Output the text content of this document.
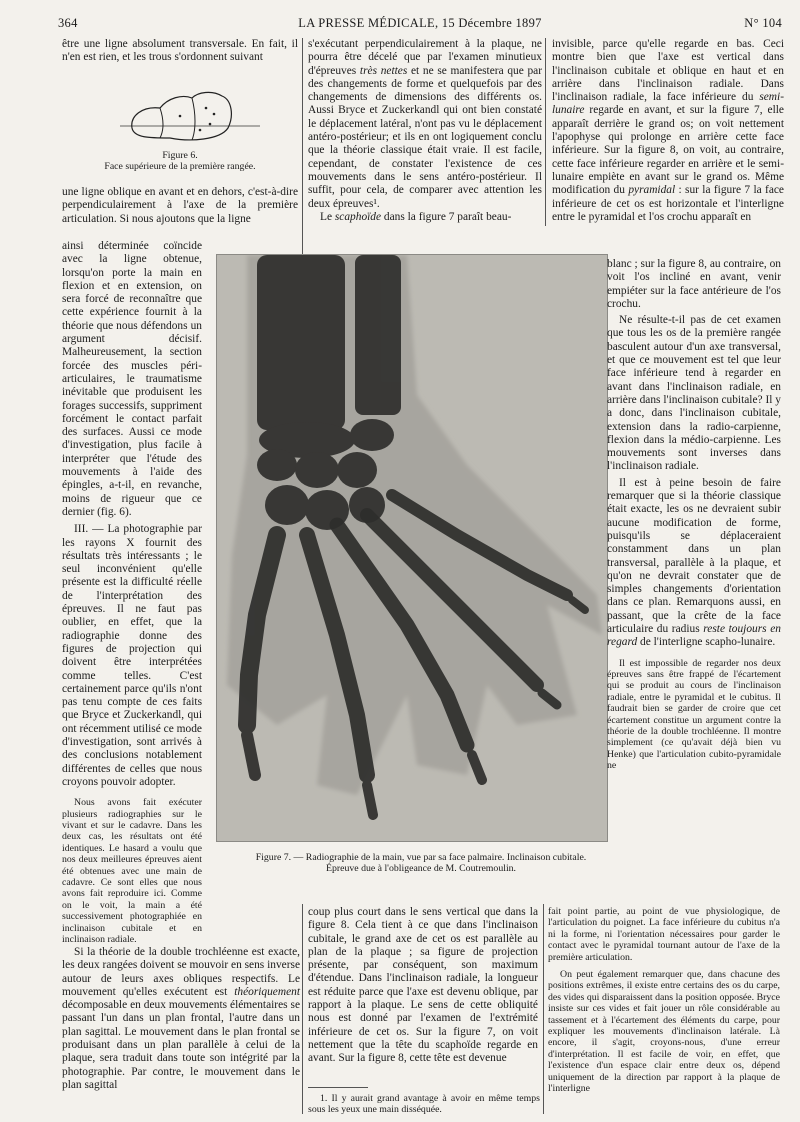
364	LA PRESSE MÉDICALE, 15 Décembre 1897	N° 104

être une ligne absolument transversale. En fait, il n'en est rien, et les trous s'ordonnent suivant

Figure 6.
Face supérieure de la première rangée.

une ligne oblique en avant et en dehors, c'est-à-dire perpendiculairement à l'axe de la première articulation. Si nous ajoutons que la ligne

ainsi déterminée coïncide avec la ligne obtenue, lorsqu'on porte la main en flexion et en extension, on sera forcé de reconnaître que cette expérience fournit à la théorie que nous défendons un argument décisif. Malheureusement, la section forcée des muscles péri-articulaires, le traumatisme inévitable que produisent les forages successifs, suppriment forcément le contact parfait des surfaces. Aussi ce mode d'investigation, plus facile à interpréter que l'étude des mouvements à l'aide des épingles, a-t-il, en revanche, moins de rigueur que ce dernier (fig. 6).

III. — La photographie par les rayons X fournit des résultats très intéressants ; le seul inconvénient qu'elle présente est la difficulté réelle de l'interprétation des épreuves. Il ne faut pas oublier, en effet, que la radiographie donne des figures de projection qui doivent être interprétées comme telles. C'est certainement parce qu'ils n'ont pas tenu compte de ces faits que Bryce et Zuckerkandl, qui ont récemment utilisé ce mode d'investigation, sont arrivés à des conclusions notablement différentes de celles que nous croyons pouvoir adopter.

Nous avons fait exécuter plusieurs radiographies sur le vivant et sur le cadavre. Dans les deux cas, les résultats ont été identiques. Le hasard a voulu que nos deux meilleures épreuves aient été obtenues avec une main de cadavre. Ce sont elles que nous avons fait reproduire ici. Comme on le voit, la main a été successivement photographiée en inclinaison cubitale et en inclinaison radiale.

Si la théorie de la double trochléenne est exacte, les deux rangées doivent se mouvoir en sens inverse autour de leurs axes obliques respectifs. Le mouvement qu'elles exécutent est théoriquement décomposable en deux mouvements élémentaires se passant l'un dans un plan frontal, l'autre dans un plan sagittal. Le mouvement dans le plan frontal se produisant dans un plan parallèle à celui de la plaque, sera traduit dans toute son intégrité par la photographie. Par contre, le mouvement dans le plan sagittal

s'exécutant perpendiculairement à la plaque, ne pourra être décelé que par l'examen minutieux d'épreuves très nettes et ne se manifestera que par des changements de forme et quelquefois par des changements de dimensions des différents os. Aussi Bryce et Zuckerkandl qui ont bien constaté le déplacement latéral, n'ont pas vu le déplacement antéro-postérieur; et ils en ont logiquement conclu que la théorie classique était vraie. Il est facile, cependant, de constater l'existence de ces mouvements dans le sens antéro-postérieur. Il suffit, pour cela, de comparer avec attention les deux épreuves¹.

Le scaphoïde dans la figure 7 paraît beau-

Figure 7. — Radiographie de la main, vue par sa face palmaire. Inclinaison cubitale.
Épreuve due à l'obligeance de M. Coutremoulin.

coup plus court dans le sens vertical que dans la figure 8. Cela tient à ce que dans l'inclinaison cubitale, le grand axe de cet os est parallèle au plan de la plaque ; sa figure de projection présente, par conséquent, son maximum d'étendue. Dans l'inclinaison radiale, la longueur est réduite parce que l'axe est devenu oblique, par rapport à la plaque. Le sens de cette obliquité nous est donné par l'examen de l'extrémité inférieure de cet os. Sur la figure 7, on voit nettement que la tête du scaphoïde regarde en avant. Sur la figure 8, cette tête est devenue

1. Il y aurait grand avantage à avoir en même temps sous les yeux une main disséquée.

invisible, parce qu'elle regarde en bas. Ceci montre bien que l'axe est vertical dans l'inclinaison cubitale et oblique en haut et en arrière dans l'inclinaison radiale. Dans l'inclinaison radiale, la face inférieure du semi-lunaire regarde en avant, et sur la figure 7, elle apparaît derrière le grand os; on voit nettement l'apophyse qui prolonge en arrière cette face inférieure. Sur la figure 8, on voit, au contraire, cette face inférieure regarder en arrière et le semi-lunaire empiète en avant sur le grand os. Même modification du pyramidal : sur la figure 7 la face inférieure de cet os est horizontale et l'interligne entre le pyramidal et l'os crochu apparaît en

blanc ; sur la figure 8, au contraire, on voit l'os incliné en avant, venir empiéter sur la face antérieure de l'os crochu.

Ne résulte-t-il pas de cet examen que tous les os de la première rangée basculent autour d'un axe transversal, et que ce mouvement est tel que leur face inférieure tend à regarder en avant dans l'inclinaison radiale, en arrière dans l'inclinaison cubitale? Il y a donc, dans l'inclinaison cubitale, extension dans la radio-carpienne, flexion dans la médio-carpienne. Les mouvements sont inverses dans l'inclinaison radiale.

Il est à peine besoin de faire remarquer que si la théorie classique était exacte, les os ne devraient subir aucune modification de forme, puisqu'ils se déplaceraient constamment dans un plan transversal, parallèle à la plaque, et qu'on ne devrait constater que de simples changements d'orientation dans ce plan. Remarquons aussi, en passant, que la crête de la face articulaire du radius reste toujours en regard de l'interligne scapho-lunaire.

Il est impossible de regarder nos deux épreuves sans être frappé de l'écartement qui se produit au cours de l'inclinaison radiale, entre le pyramidal et le cubitus. Il faudrait bien se garder de croire que cet écartement constitue un argument contre la théorie de la double trochléenne. Il montre simplement (ce qu'avait déjà bien vu Henke) que l'articulation cubito-pyramidale ne

fait point partie, au point de vue physiologique, de l'articulation du poignet. La face inférieure du cubitus n'a ni la forme, ni l'orientation nécessaires pour garder le contact avec le pyramidal tournant autour de l'axe de la première articulation.

On peut également remarquer que, dans chacune des positions extrêmes, il existe entre certains des os du carpe, des vides qui disparaissent dans la position opposée. Bryce insiste sur ces vides et fait jouer un rôle considérable au tassement et à l'écartement des éléments du carpe, pour expliquer les mouvements d'inclinaison latérale. Là encore, il s'agit, croyons-nous, d'une erreur d'interprétation. Il est facile de voir, en effet, que l'existence d'un espace clair entre deux os, dépend uniquement de la direction par rapport à la plaque de l'interligne
